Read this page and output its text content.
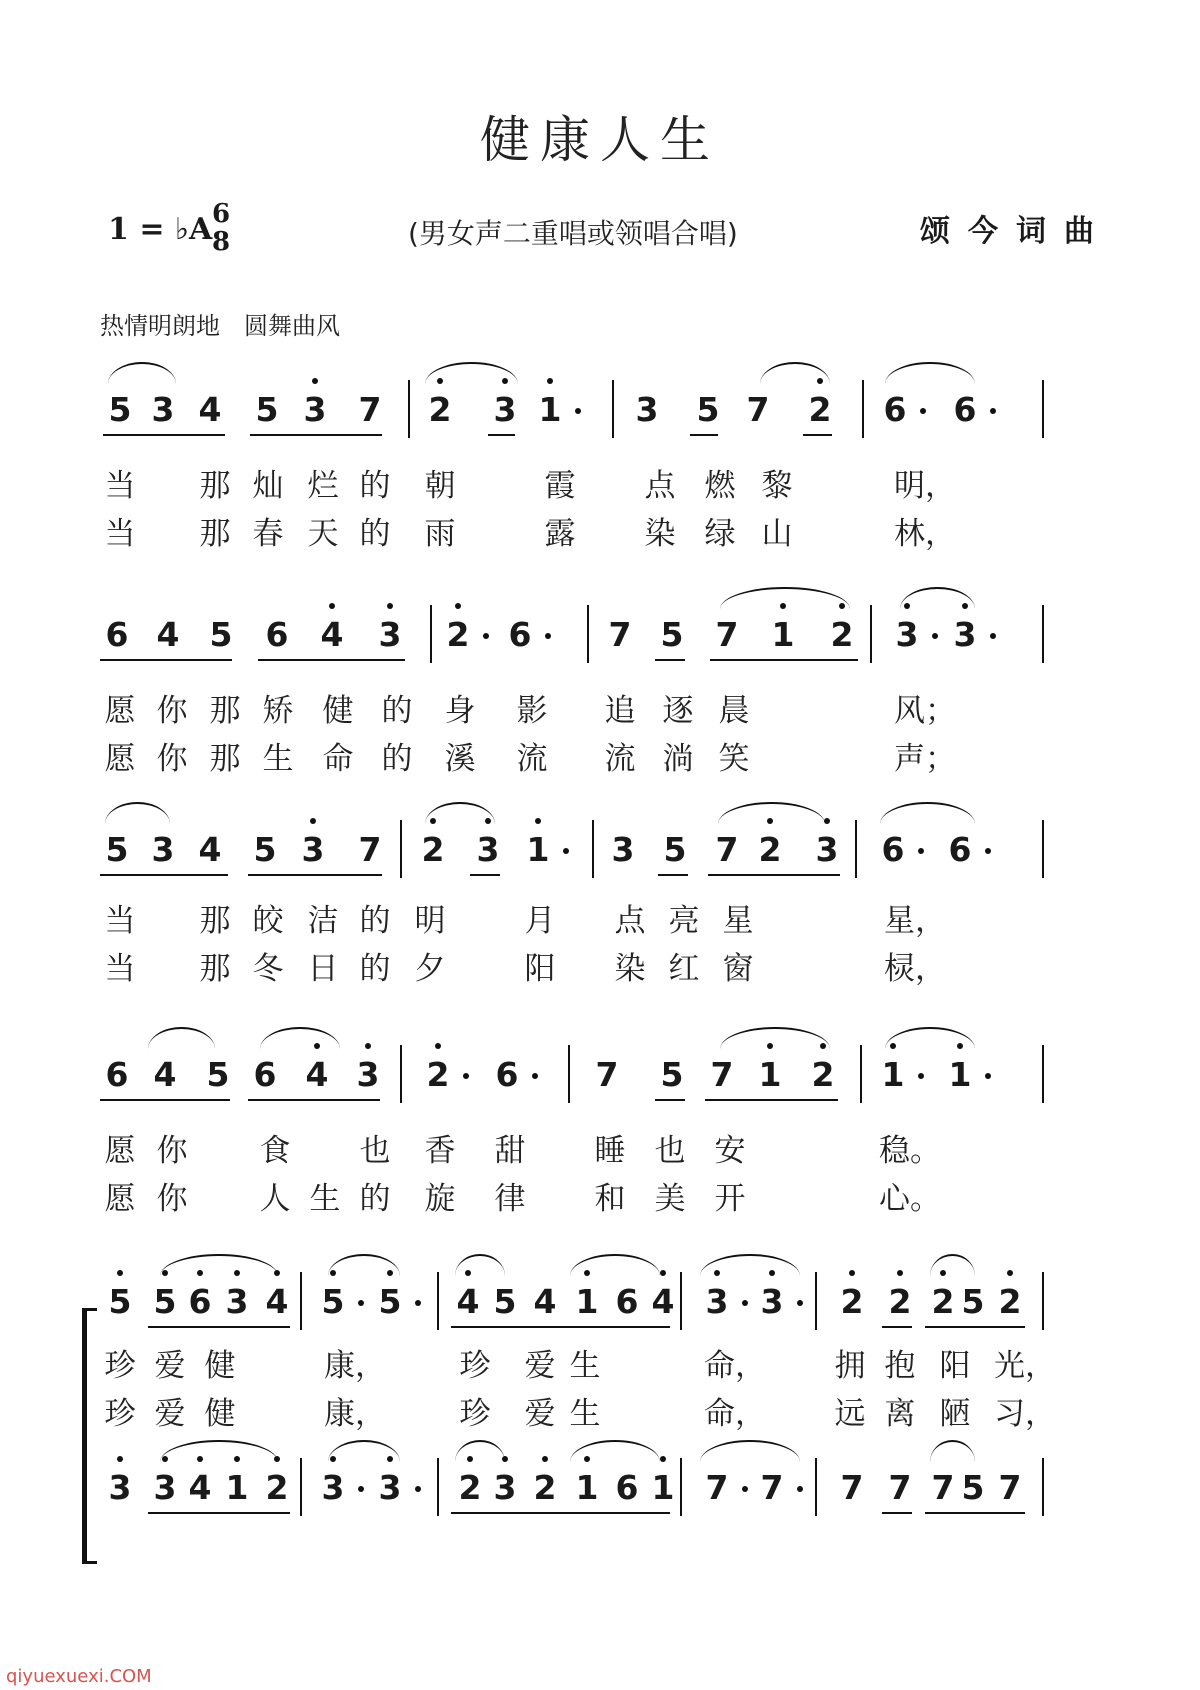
健康人生
1 = ♭A 6
8	(男女声二重唱或领唱合唱)	颂今词曲
热情明朗地　圆舞曲风
5 3 4 5 3 7 2 3 1 3 5 7 2 6 6
6 4 5 6 4 3 2 6 7 5 7 1 2 3 3
5 3 4 5 3 7 2 3 1 3 5 7 2 3 6 6
6 4 5 6 4 3 2 6 7 5 7 1 2 1 1
5 5 6 3 4 5 5 4 5 4 1 6 4 3 3 2 2 2 5 2
3 3 4 1 2 3 3 2 3 2 1 6 1 7 7 7 7 7 5 7
当 那 灿 烂 的 朝	霞 点 燃 黎	明，
当 那 春 天 的 雨	露 染 绿 山	林，
愿 你 那 矫 健 的 身 影 追 逐 晨	风；
愿 你 那 生 命 的 溪 流 流 淌 笑	声；
当 那 皎 洁 的 明	月 点 亮 星	星，
当 那 冬 日 的 夕	阳 染 红 窗	棂，
愿 你 食 也 香 甜 睡 也 安	稳。
愿 你 人 生 的 旋 律 和 美 开	心。
珍 爱 健	康， 珍 爱 生	命， 拥 抱 阳 光，
珍 爱 健	康， 珍 爱 生	命， 远 离 陋 习，
qiyuexuexi.COM
